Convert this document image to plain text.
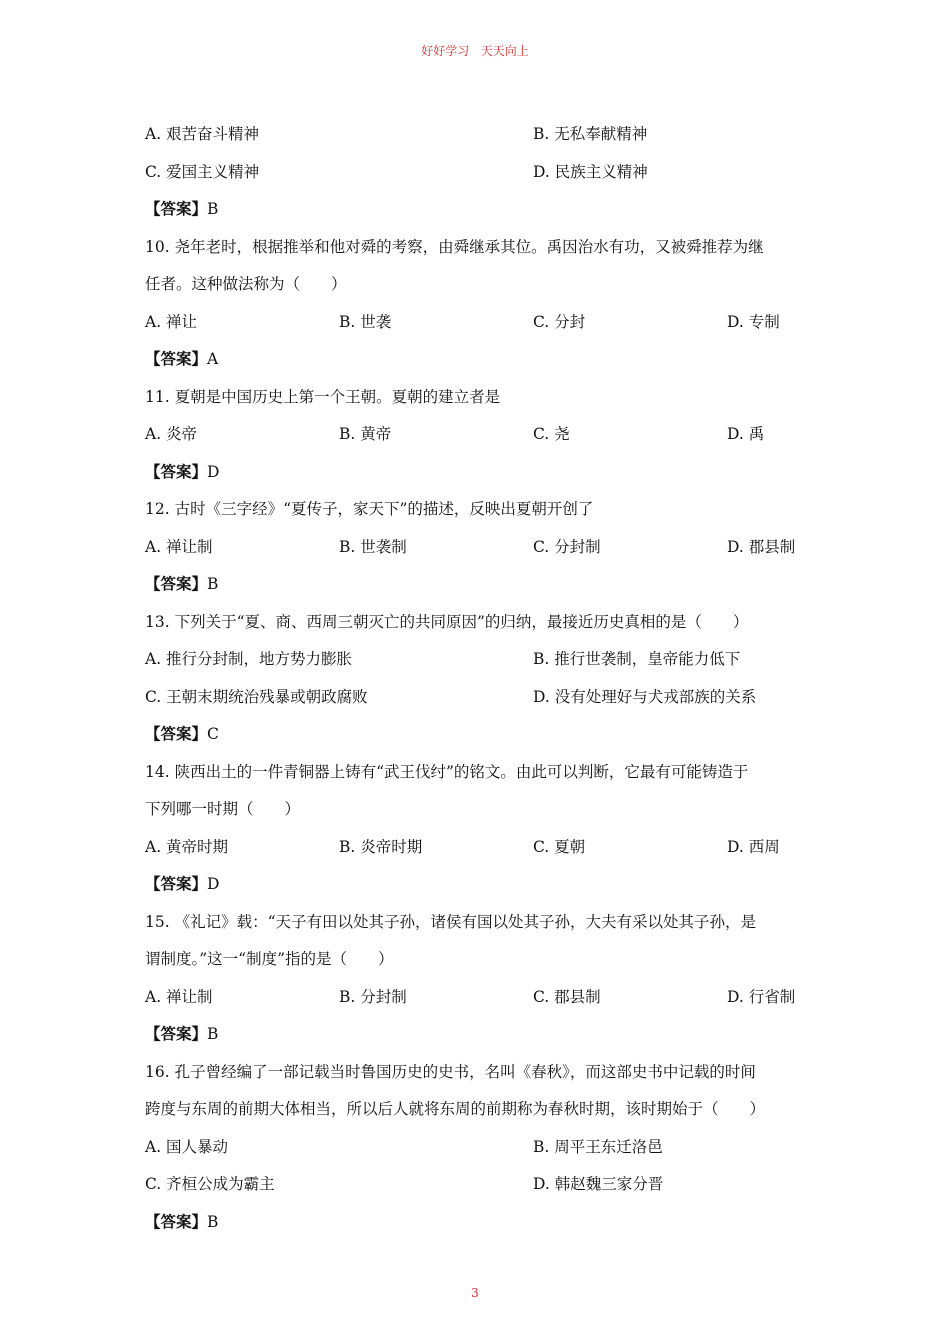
好好学习   天天向上
A. 艰苦奋斗精神	B. 无私奉献精神
C. 爱国主义精神	D. 民族主义精神
【答案】B
10. 尧年老时，根据推举和他对舜的考察，由舜继承其位。禹因治水有功，又被舜推荐为继
任者。这种做法称为（　　）
A. 禅让	B. 世袭	C. 分封	D. 专制
【答案】A
11. 夏朝是中国历史上第一个王朝。夏朝的建立者是
A. 炎帝	B. 黄帝	C. 尧	D. 禹
【答案】D
12. 古时《三字经》“夏传子，家天下”的描述，反映出夏朝开创了
A. 禅让制	B. 世袭制	C. 分封制	D. 郡县制
【答案】B
13. 下列关于“夏、商、西周三朝灭亡的共同原因”的归纳，最接近历史真相的是（　　）
A. 推行分封制，地方势力膨胀	B. 推行世袭制，皇帝能力低下
C. 王朝末期统治残暴或朝政腐败	D. 没有处理好与犬戎部族的关系
【答案】C
14. 陕西出土的一件青铜器上铸有“武王伐纣”的铭文。由此可以判断，它最有可能铸造于
下列哪一时期（　　）
A. 黄帝时期	B. 炎帝时期	C. 夏朝	D. 西周
【答案】D
15. 《礼记》载：“天子有田以处其子孙，诸侯有国以处其子孙，大夫有采以处其子孙，是
谓制度。”这一“制度”指的是（　　）
A. 禅让制	B. 分封制	C. 郡县制	D. 行省制
【答案】B
16. 孔子曾经编了一部记载当时鲁国历史的史书，名叫《春秋》，而这部史书中记载的时间
跨度与东周的前期大体相当，所以后人就将东周的前期称为春秋时期，该时期始于（　　）
A. 国人暴动	B. 周平王东迁洛邑
C. 齐桓公成为霸主	D. 韩赵魏三家分晋
【答案】B
3
